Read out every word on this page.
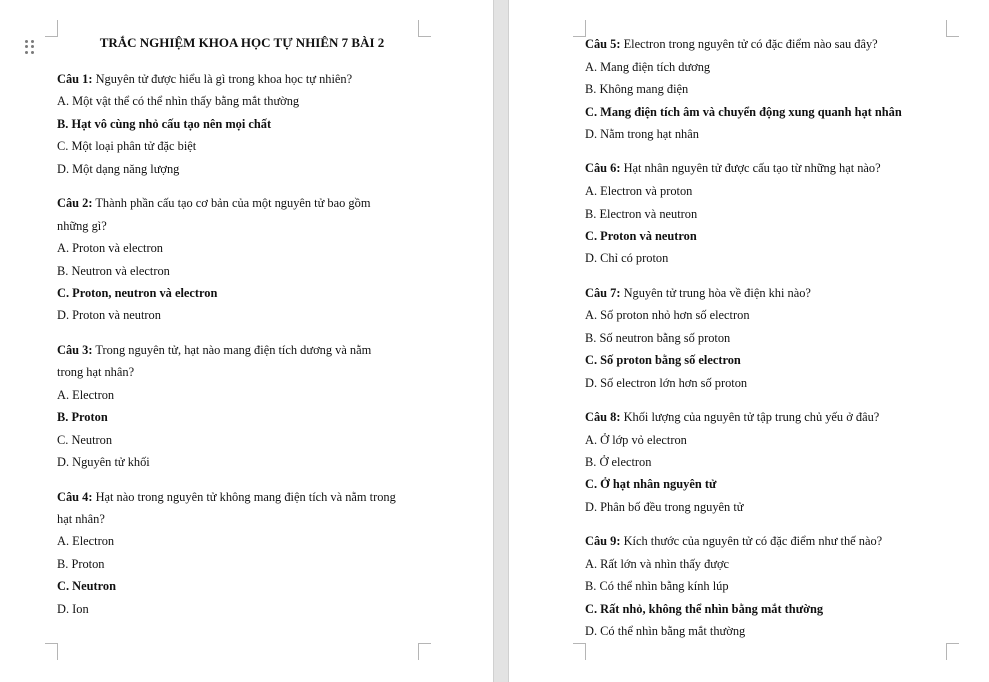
TRẮC NGHIỆM KHOA HỌC TỰ NHIÊN 7 BÀI 2
Câu 1: Nguyên tử được hiểu là gì trong khoa học tự nhiên?
A. Một vật thể có thể nhìn thấy bằng mắt thường
B. Hạt vô cùng nhỏ cấu tạo nên mọi chất
C. Một loại phân tử đặc biệt
D. Một dạng năng lượng
Câu 2: Thành phần cấu tạo cơ bản của một nguyên tử bao gồm
những gì?
A. Proton và electron
B. Neutron và electron
C. Proton, neutron và electron
D. Proton và neutron
Câu 3: Trong nguyên tử, hạt nào mang điện tích dương và nằm
trong hạt nhân?
A. Electron
B. Proton
C. Neutron
D. Nguyên tử khối
Câu 4: Hạt nào trong nguyên tử không mang điện tích và nằm trong
hạt nhân?
A. Electron
B. Proton
C. Neutron
D. Ion
Câu 5: Electron trong nguyên tử có đặc điểm nào sau đây?
A. Mang điện tích dương
B. Không mang điện
C. Mang điện tích âm và chuyển động xung quanh hạt nhân
D. Nằm trong hạt nhân
Câu 6: Hạt nhân nguyên tử được cấu tạo từ những hạt nào?
A. Electron và proton
B. Electron và neutron
C. Proton và neutron
D. Chỉ có proton
Câu 7: Nguyên tử trung hòa về điện khi nào?
A. Số proton nhỏ hơn số electron
B. Số neutron bằng số proton
C. Số proton bằng số electron
D. Số electron lớn hơn số proton
Câu 8: Khối lượng của nguyên tử tập trung chủ yếu ở đâu?
A. Ở lớp vỏ electron
B. Ở electron
C. Ở hạt nhân nguyên tử
D. Phân bố đều trong nguyên tử
Câu 9: Kích thước của nguyên tử có đặc điểm như thế nào?
A. Rất lớn và nhìn thấy được
B. Có thể nhìn bằng kính lúp
C. Rất nhỏ, không thể nhìn bằng mắt thường
D. Có thể nhìn bằng mắt thường
